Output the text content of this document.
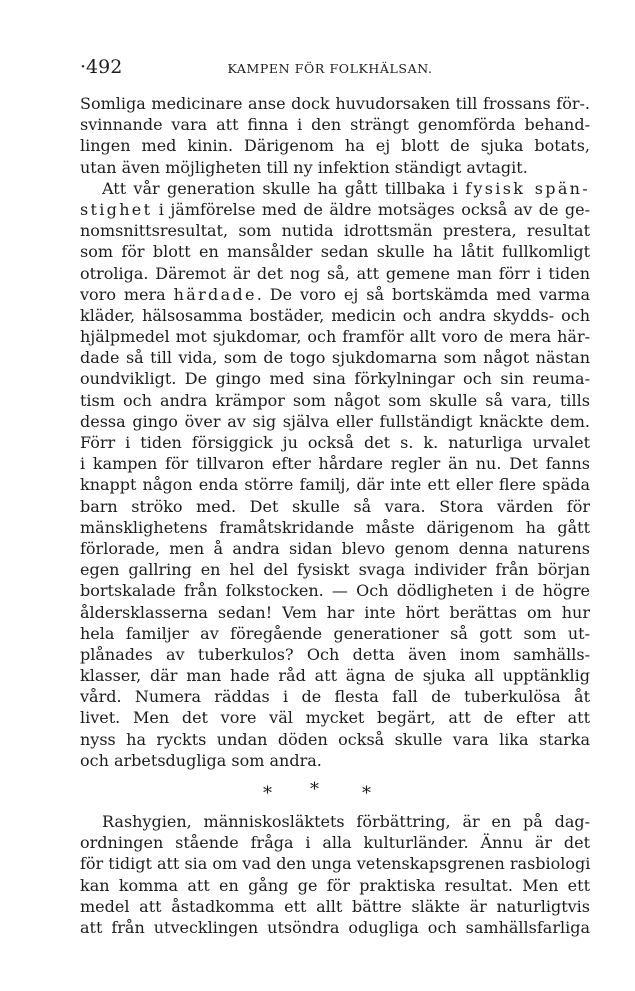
·492	KAMPEN FÖR FOLKHÄLSAN.
Somliga medicinare anse dock huvudorsaken till frossans för-.
svinnande vara att finna i den strängt genomförda behand-
lingen med kinin. Därigenom ha ej blott de sjuka botats,
utan även möjligheten till ny infektion ständigt avtagit.
Att vår generation skulle ha gått tillbaka i fysisk spän-
stighet i jämförelse med de äldre motsäges också av de ge-
nomsnittsresultat, som nutida idrottsmän prestera, resultat
som för blott en mansålder sedan skulle ha låtit fullkomligt
otroliga. Däremot är det nog så, att gemene man förr i tiden
voro mera härdade. De voro ej så bortskämda med varma
kläder, hälsosamma bostäder, medicin och andra skydds- och
hjälpmedel mot sjukdomar, och framför allt voro de mera här-
dade så till vida, som de togo sjukdomarna som något nästan
oundvikligt. De gingo med sina förkylningar och sin reuma-
tism och andra krämpor som något som skulle så vara, tills
dessa gingo över av sig själva eller fullständigt knäckte dem.
Förr i tiden försiggick ju också det s. k. naturliga urvalet
i kampen för tillvaron efter hårdare regler än nu. Det fanns
knappt någon enda större familj, där inte ett eller flere späda
barn ströko med. Det skulle så vara. Stora värden för
mänsklighetens framåtskridande måste därigenom ha gått
förlorade, men å andra sidan blevo genom denna naturens
egen gallring en hel del fysiskt svaga individer från början
bortskalade från folkstocken. — Och dödligheten i de högre
åldersklasserna sedan! Vem har inte hört berättas om hur
hela familjer av föregående generationer så gott som ut-
plånades av tuberkulos? Och detta även inom samhälls-
klasser, där man hade råd att ägna de sjuka all upptänklig
vård. Numera räddas i de flesta fall de tuberkulösa åt
livet. Men det vore väl mycket begärt, att de efter att
nyss ha ryckts undan döden också skulle vara lika starka
och arbetsdugliga som andra.
* * *
Rashygien, människosläktets förbättring, är en på dag-
ordningen stående fråga i alla kulturländer. Ännu är det
för tidigt att sia om vad den unga vetenskapsgrenen rasbiologi
kan komma att en gång ge för praktiska resultat. Men ett
medel att åstadkomma ett allt bättre släkte är naturligtvis
att från utvecklingen utsöndra odugliga och samhällsfarliga
